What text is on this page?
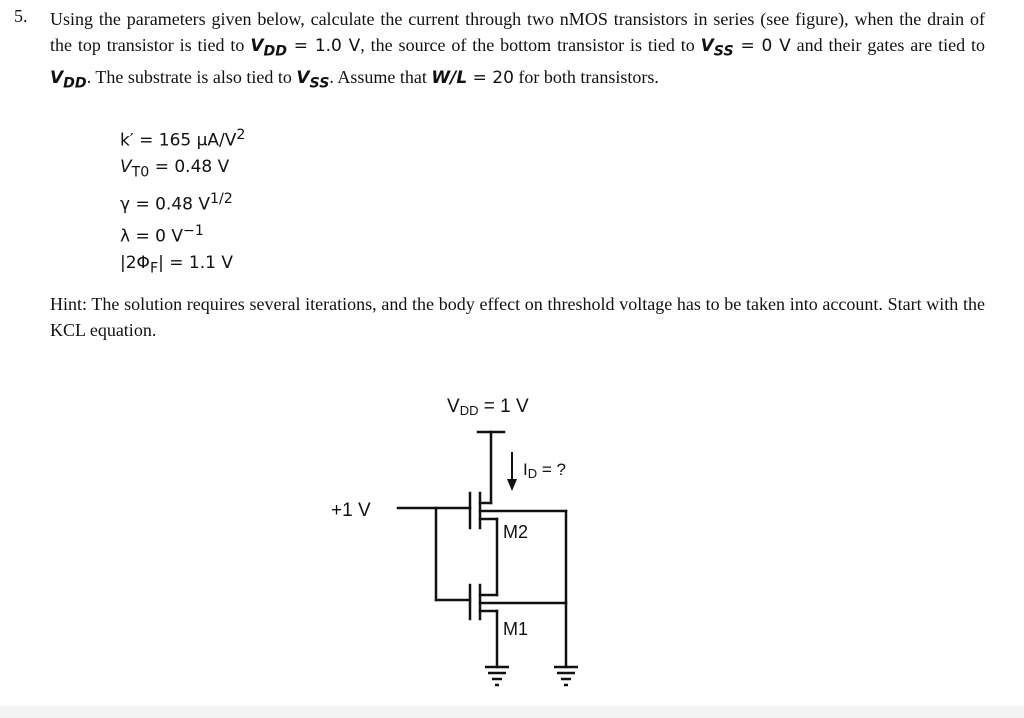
5. Using the parameters given below, calculate the current through two nMOS transistors in series (see figure), when the drain of the top transistor is tied to $V_{DD} = 1.0$ V, the source of the bottom transistor is tied to $V_{SS} = 0$ V and their gates are tied to $V_{DD}$. The substrate is also tied to $V_{SS}$. Assume that W/L = 20 for both transistors.
k′ = 165 $\mu A/V^2$
$V_{T0} = 0.48$ V
γ = 0.48 $V^{1/2}$
λ = 0 $V^{-1}$
$|2\Phi_F| = 1.1$ V
Hint: The solution requires several iterations, and the body effect on threshold voltage has to be taken into account. Start with the KCL equation.
VDD = 1 V
ID = ?
+1 V
M2
M1
